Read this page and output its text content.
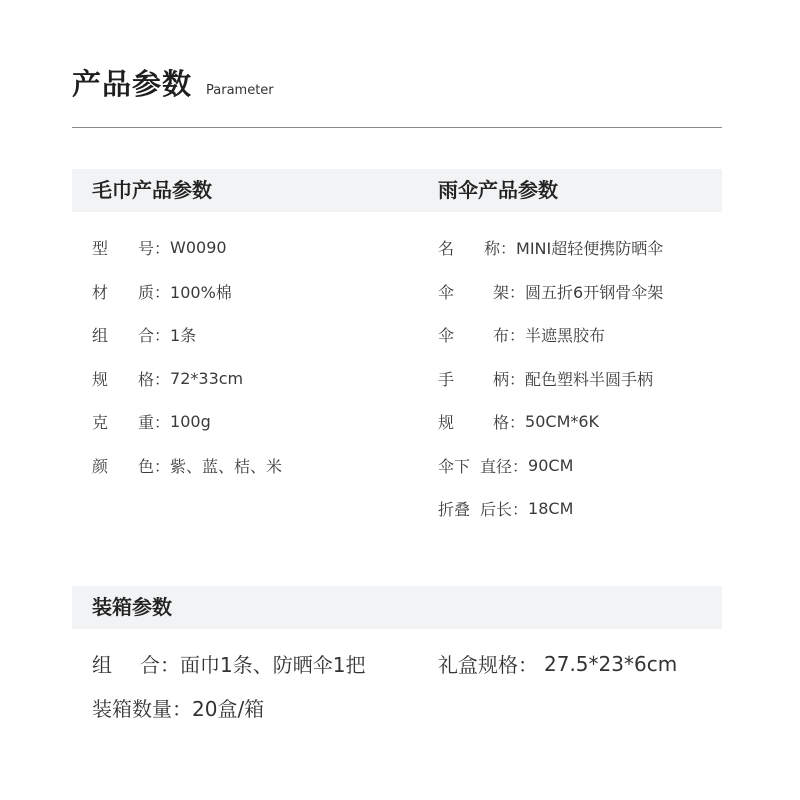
产品参数 Parameter
毛巾产品参数	雨伞产品参数
型	号 ： W0090
材	质 ： 100%棉
组	合 ： 1条
规	格 ： 72*33cm
克	重 ： 100g
颜	色 ： 紫、蓝、桔、米
名	称 ： MINI超轻便携防晒伞
伞	架 ： 圆五折6开钢骨伞架
伞	布 ： 半遮黑胶布
手	柄 ： 配色塑料半圆手柄
规	格 ： 50CM*6K
伞下 直径 ： 90CM
折叠 后长 ： 18CM
装箱参数
组	合 ： 面巾1条、防晒伞1把	礼盒规格 ： 27.5*23*6cm
装箱数量 ： 20盒/箱
